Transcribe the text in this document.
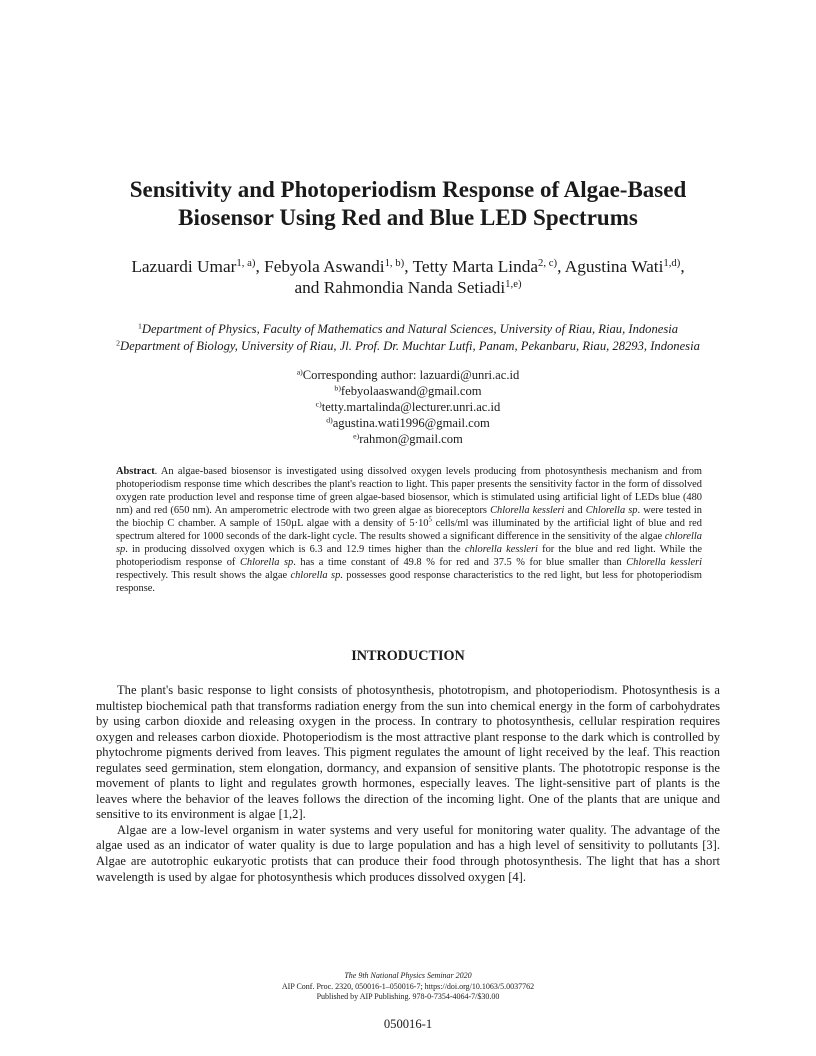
Sensitivity and Photoperiodism Response of Algae-Based
Biosensor Using Red and Blue LED Spectrums
Lazuardi Umar$^{1, a)}$, Febyola Aswandi$^{1, b)}$, Tetty Marta Linda$^{2, c)}$, Agustina Wati$^{1,d)}$,
and Rahmondia Nanda Setiadi$^{1,e)}$
$^1$Department of Physics, Faculty of Mathematics and Natural Sciences, University of Riau, Riau, Indonesia
$^2$Department of Biology, University of Riau, Jl. Prof. Dr. Muchtar Lutfi, Panam, Pekanbaru, Riau, 28293, Indonesia
$^{a)}$Corresponding author: lazuardi@unri.ac.id
$^{b)}$febyolaaswand@gmail.com
$^{c)}$tetty.martalinda@lecturer.unri.ac.id
$^{d)}$agustina.wati1996@gmail.com
$^{e)}$rahmon@gmail.com
Abstract. An algae-based biosensor is investigated using dissolved oxygen levels producing from photosynthesis mechanism and from photoperiodism response time which describes the plant's reaction to light. This paper presents the sensitivity factor in the form of dissolved oxygen rate production level and response time of green algae-based biosensor, which is stimulated using artificial light of LEDs blue (480 nm) and red (650 nm). An amperometric electrode with two green algae as bioreceptors Chlorella kessleri and Chlorella sp. were tested in the biochip C chamber. A sample of 150µL algae with a density of $5\cdot 10^5$ cells/ml was illuminated by the artificial light of blue and red spectrum altered for 1000 seconds of the dark-light cycle. The results showed a significant difference in the sensitivity of the algae chlorella sp. in producing dissolved oxygen which is 6.3 and 12.9 times higher than the chlorella kessleri for the blue and red light. While the photoperiodism response of Chlorella sp. has a time constant of 49.8 % for red and 37.5 % for blue smaller than Chlorella kessleri respectively. This result shows the algae chlorella sp. possesses good response characteristics to the red light, but less for photoperiodism response.
INTRODUCTION

The plant's basic response to light consists of photosynthesis, phototropism, and photoperiodism. Photosynthesis is a multistep biochemical path that transforms radiation energy from the sun into chemical energy in the form of carbohydrates by using carbon dioxide and releasing oxygen in the process. In contrary to photosynthesis, cellular respiration requires oxygen and releases carbon dioxide. Photoperiodism is the most attractive plant response to the dark which is controlled by phytochrome pigments derived from leaves. This pigment regulates the amount of light received by the leaf. This reaction regulates seed germination, stem elongation, dormancy, and expansion of sensitive plants. The phototropic response is the movement of plants to light and regulates growth hormones, especially leaves. The light-sensitive part of plants is the leaves where the behavior of the leaves follows the direction of the incoming light. One of the plants that are unique and sensitive to its environment is algae [1,2].

Algae are a low-level organism in water systems and very useful for monitoring water quality. The advantage of the algae used as an indicator of water quality is due to large population and has a high level of sensitivity to pollutants [3]. Algae are autotrophic eukaryotic protists that can produce their food through photosynthesis. The light that has a short wavelength is used by algae for photosynthesis which produces dissolved oxygen [4].

The 9th National Physics Seminar 2020
AIP Conf. Proc. 2320, 050016-1–050016-7; https://doi.org/10.1063/5.0037762
Published by AIP Publishing. 978-0-7354-4064-7/$30.00
050016-1
